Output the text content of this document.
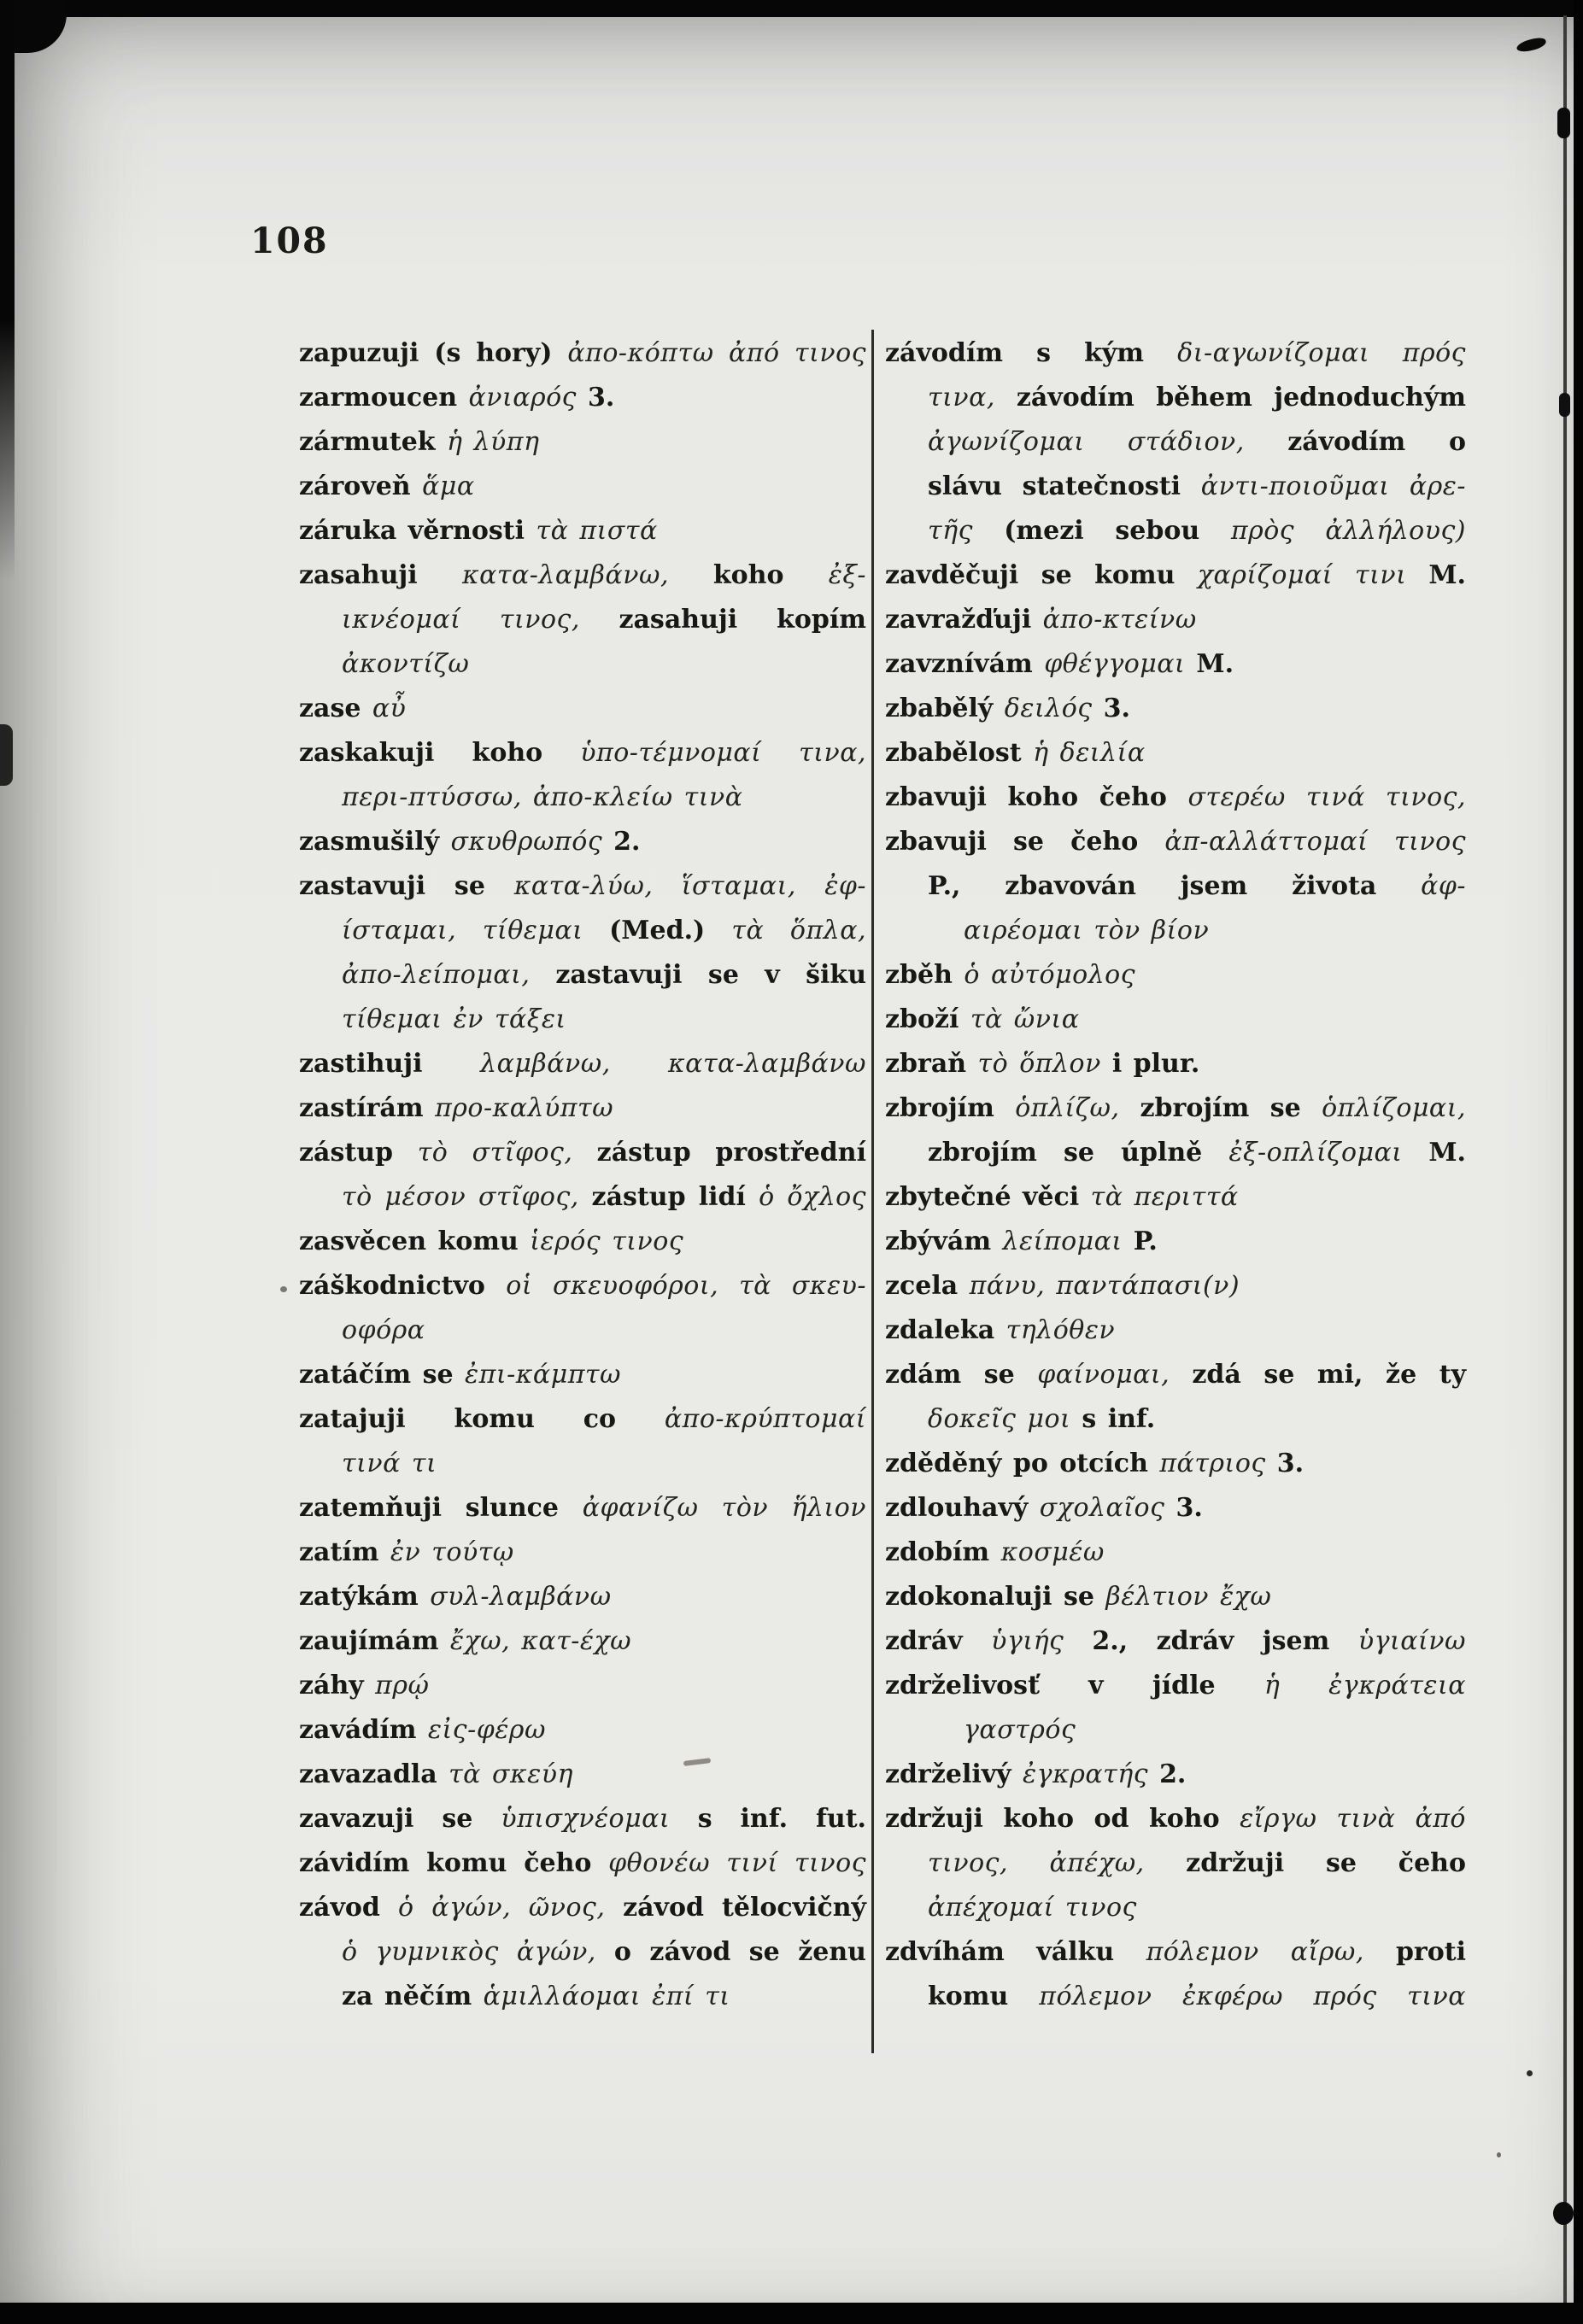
108
zapuzuji (s hory) ἀπο-κόπτω ἀπό τινος
zarmoucen ἀνιαρός 3.
zármutek ἡ λύπη
zároveň ἅμα
záruka věrnosti τὰ πιστά
zasahuji κατα-λαμβάνω, koho ἐξ-
ικνέομαί τινος, zasahuji kopím
ἀκοντίζω
zase αὖ
zaskakuji koho ὑπο-τέμνομαί τινα,
περι-πτύσσω, ἀπο-κλείω τινὰ
zasmušilý σκυθρωπός 2.
zastavuji se κατα-λύω, ἵσταμαι, ἐφ-
ίσταμαι, τίθεμαι (Med.) τὰ ὅπλα,
ἀπο-λείπομαι, zastavuji se v šiku
τίθεμαι ἐν τάξει
zastihuji λαμβάνω, κατα-λαμβάνω
zastírám προ-καλύπτω
zástup τὸ στῖφος, zástup prostřední
τὸ μέσον στῖφος, zástup lidí ὁ ὄχλος
zasvěcen komu ἱερός τινος
záškodnictvo οἱ σκευοφόροι, τὰ σκευ-
οφόρα
zatáčím se ἐπι-κάμπτω
zatajuji komu co ἀπο-κρύπτομαί
τινά τι
zatemňuji slunce ἀφανίζω τὸν ἥλιον
zatím ἐν τούτῳ
zatýkám συλ-λαμβάνω
zaujímám ἔχω, κατ-έχω
záhy πρῴ
zavádím εἰς-φέρω
zavazadla τὰ σκεύη
zavazuji se ὑπισχνέομαι s inf. fut.
závidím komu čeho φθονέω τινί τινος
závod ὁ ἀγών, ῶνος, závod tělocvičný
ὁ γυμνικὸς ἀγών, o závod se ženu
za něčím ἁμιλλάομαι ἐπί τι
závodím s kým δι-αγωνίζομαι πρός
τινα, závodím během jednoduchým
ἀγωνίζομαι στάδιον, závodím o
slávu statečnosti ἀντι-ποιοῦμαι ἀρε-
τῆς (mezi sebou πρὸς ἀλλήλους)
zavděčuji se komu χαρίζομαί τινι M.
zavražďuji ἀπο-κτείνω
zavznívám φθέγγομαι M.
zbabělý δειλός 3.
zbabělost ἡ δειλία
zbavuji koho čeho στερέω τινά τινος,
zbavuji se čeho ἀπ-αλλάττομαί τινος
P., zbavován jsem života ἀφ-
αιρέομαι τὸν βίον
zběh ὁ αὐτόμολος
zboží τὰ ὤνια
zbraň τὸ ὅπλον i plur.
zbrojím ὁπλίζω, zbrojím se ὁπλίζομαι,
zbrojím se úplně ἐξ-οπλίζομαι M.
zbytečné věci τὰ περιττά
zbývám λείπομαι P.
zcela πάνυ, παντάπασι(ν)
zdaleka τηλόθεν
zdám se φαίνομαι, zdá se mi, že ty
δοκεῖς μοι s inf.
zděděný po otcích πάτριος 3.
zdlouhavý σχολαῖος 3.
zdobím κοσμέω
zdokonaluji se βέλτιον ἔχω
zdráv ὑγιής 2., zdráv jsem ὑγιαίνω
zdrželivosť v jídle ἡ ἐγκράτεια
γαστρός
zdrželivý ἐγκρατής 2.
zdržuji koho od koho εἴργω τινὰ ἀπό
τινος, ἀπέχω, zdržuji se čeho
ἀπέχομαί τινος
zdvíhám válku πόλεμον αἴρω, proti
komu πόλεμον ἐκφέρω πρός τινα
